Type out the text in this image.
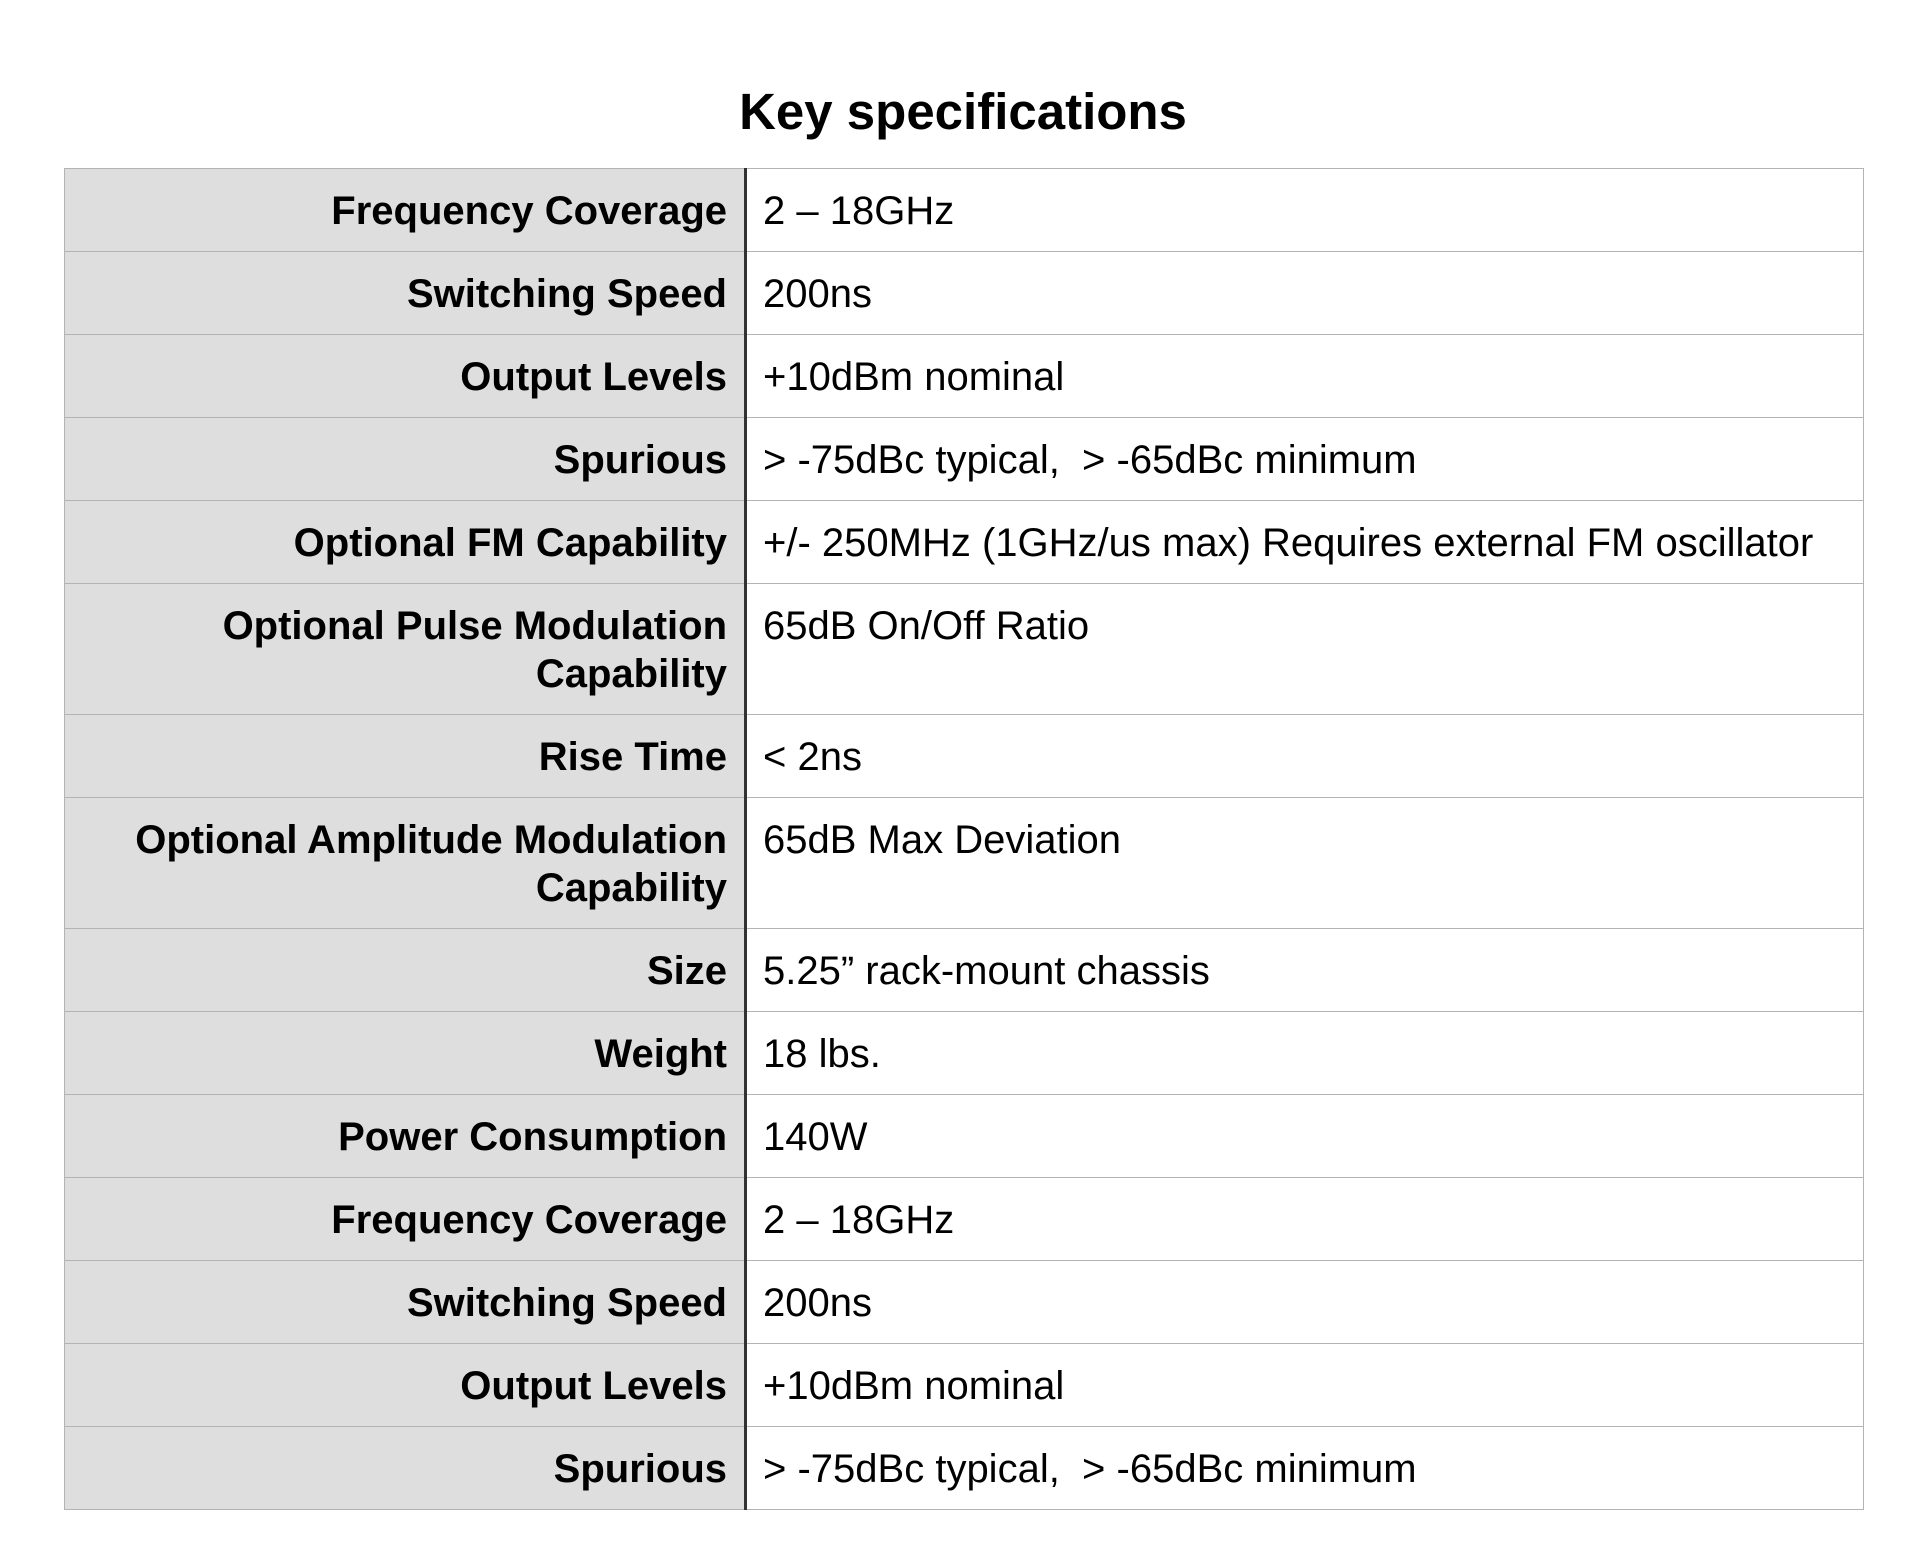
Key specifications
Frequency Coverage	2 – 18GHz
Switching Speed	200ns
Output Levels	+10dBm nominal
Spurious	> -75dBc typical,  > -65dBc minimum
Optional FM Capability	+/- 250MHz (1GHz/us max) Requires external FM oscillator
Optional Pulse Modulation Capability	65dB On/Off Ratio
Rise Time	< 2ns
Optional Amplitude Modulation Capability	65dB Max Deviation
Size	5.25” rack-mount chassis
Weight	18 lbs.
Power Consumption	140W
Frequency Coverage	2 – 18GHz
Switching Speed	200ns
Output Levels	+10dBm nominal
Spurious	> -75dBc typical,  > -65dBc minimum
